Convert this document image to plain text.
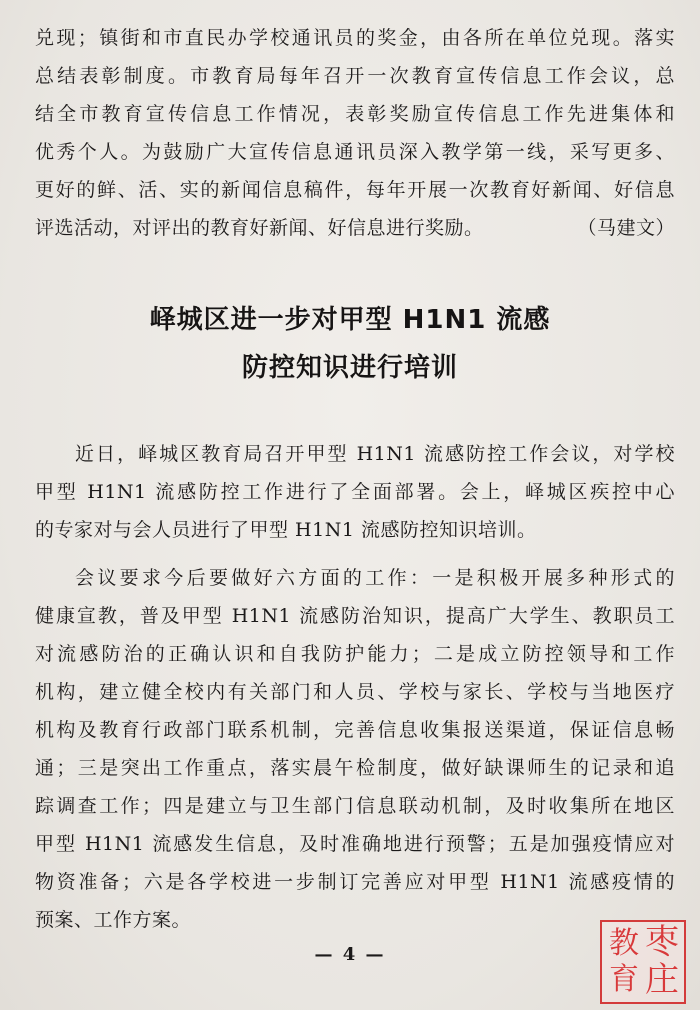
兑现；镇街和市直民办学校通讯员的奖金，由各所在单位兑现。落实
总结表彰制度。市教育局每年召开一次教育宣传信息工作会议，总
结全市教育宣传信息工作情况，表彰奖励宣传信息工作先进集体和
优秀个人。为鼓励广大宣传信息通讯员深入教学第一线，采写更多、
更好的鲜、活、实的新闻信息稿件，每年开展一次教育好新闻、好信息
评选活动，对评出的教育好新闻、好信息进行奖励。	（马建文）
峄城区进一步对甲型 H1N1 流感
防控知识进行培训
近日，峄城区教育局召开甲型 H1N1 流感防控工作会议，对学校
甲型 H1N1 流感防控工作进行了全面部署。会上，峄城区疾控中心
的专家对与会人员进行了甲型 H1N1 流感防控知识培训。
会议要求今后要做好六方面的工作：一是积极开展多种形式的
健康宣教，普及甲型 H1N1 流感防治知识，提高广大学生、教职员工
对流感防治的正确认识和自我防护能力；二是成立防控领导和工作
机构，建立健全校内有关部门和人员、学校与家长、学校与当地医疗
机构及教育行政部门联系机制，完善信息收集报送渠道，保证信息畅
通；三是突出工作重点，落实晨午检制度，做好缺课师生的记录和追
踪调查工作；四是建立与卫生部门信息联动机制，及时收集所在地区
甲型 H1N1 流感发生信息，及时准确地进行预警；五是加强疫情应对
物资准备；六是各学校进一步制订完善应对甲型 H1N1 流感疫情的
预案、工作方案。
— 4 —	枣
庄
教
育
